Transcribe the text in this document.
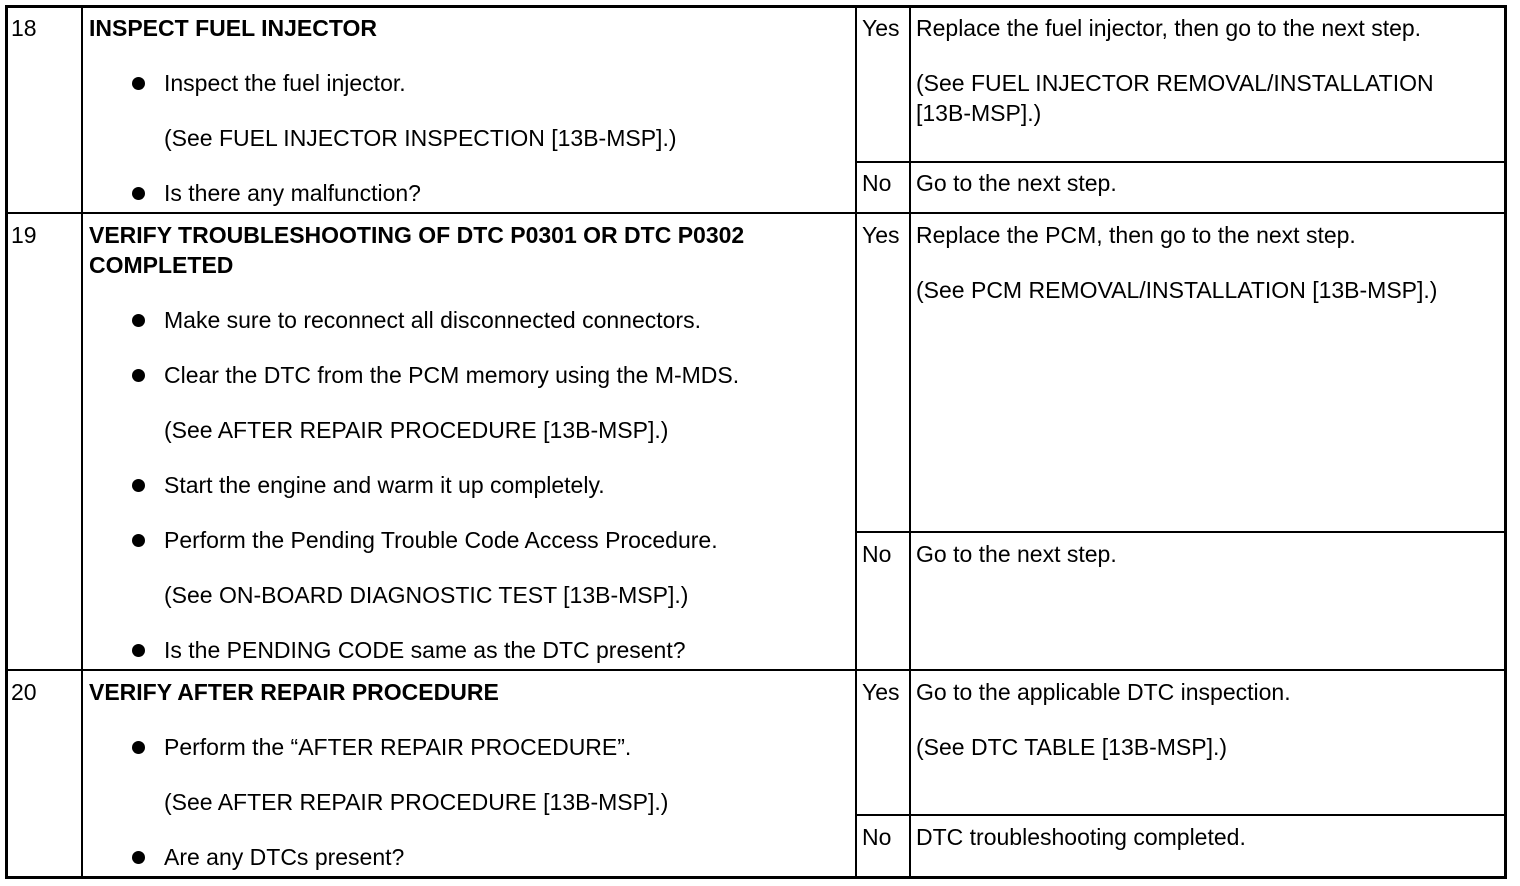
18 INSPECT FUEL INJECTOR
Inspect the fuel injector.
(See FUEL INJECTOR INSPECTION [13B-MSP].)
Is there any malfunction?
Yes Replace the fuel injector, then go to the next step.
(See FUEL INJECTOR REMOVAL/INSTALLATION
[13B-MSP].)
No Go to the next step.
19 VERIFY TROUBLESHOOTING OF DTC P0301 OR DTC P0302
COMPLETED
Make sure to reconnect all disconnected connectors.
Clear the DTC from the PCM memory using the M-MDS.
(See AFTER REPAIR PROCEDURE [13B-MSP].)
Start the engine and warm it up completely.
Perform the Pending Trouble Code Access Procedure.
(See ON-BOARD DIAGNOSTIC TEST [13B-MSP].)
Is the PENDING CODE same as the DTC present?
Yes Replace the PCM, then go to the next step.
(See PCM REMOVAL/INSTALLATION [13B-MSP].)
No Go to the next step.
20 VERIFY AFTER REPAIR PROCEDURE
Perform the “AFTER REPAIR PROCEDURE”.
(See AFTER REPAIR PROCEDURE [13B-MSP].)
Are any DTCs present?
Yes Go to the applicable DTC inspection.
(See DTC TABLE [13B-MSP].)
No DTC troubleshooting completed.
